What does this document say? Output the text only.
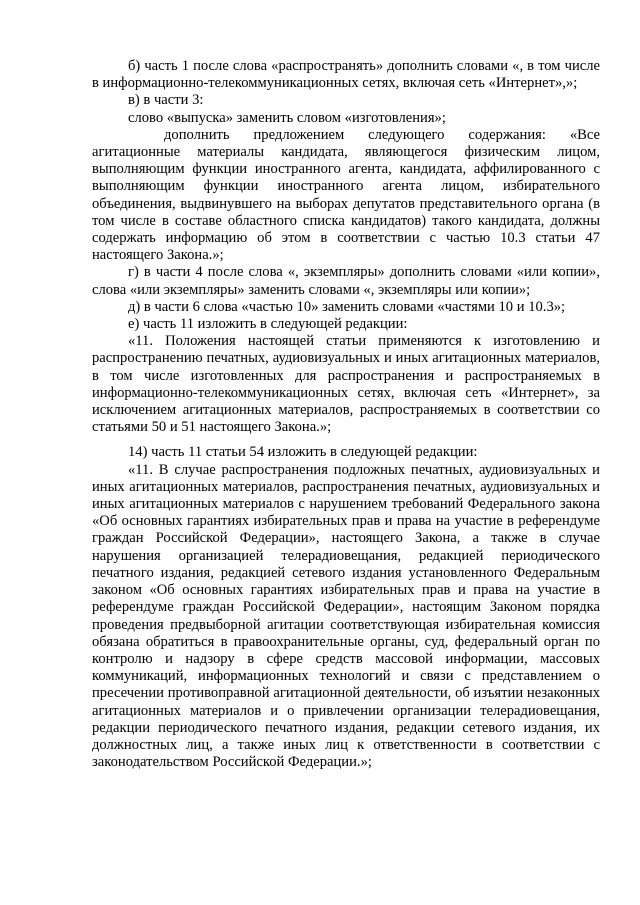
б) часть 1 после слова «распространять» дополнить словами «, в том числе в информационно-телекоммуникационных сетях, включая сеть «Интернет»,»;

в) в части 3:

слово «выпуска» заменить словом «изготовления»;

дополнить предложением следующего содержания: «Все агитационные материалы кандидата, являющегося физическим лицом, выполняющим функции иностранного агента, кандидата, аффилированного с выполняющим функции иностранного агента лицом, избирательного объединения, выдвинувшего на выборах депутатов представительного органа (в том числе в составе областного списка кандидатов) такого кандидата, должны содержать информацию об этом в соответствии с частью 10.3 статьи 47 настоящего Закона.»;

г) в части 4 после слова «, экземпляры» дополнить словами «или копии», слова «или экземпляры» заменить словами «, экземпляры или копии»;

д) в части 6 слова «частью 10» заменить словами «частями 10 и 10.3»;

е) часть 11 изложить в следующей редакции:

«11. Положения настоящей статьи применяются к изготовлению и распространению печатных, аудиовизуальных и иных агитационных материалов, в том числе изготовленных для распространения и распространяемых в информационно-телекоммуникационных сетях, включая сеть «Интернет», за исключением агитационных материалов, распространяемых в соответствии со статьями 50 и 51 настоящего Закона.»;

14) часть 11 статьи 54 изложить в следующей редакции:

«11. В случае распространения подложных печатных, аудиовизуальных и иных агитационных материалов, распространения печатных, аудиовизуальных и иных агитационных материалов с нарушением требований Федерального закона «Об основных гарантиях избирательных прав и права на участие в референдуме граждан Российской Федерации», настоящего Закона, а также в случае нарушения организацией телерадиовещания, редакцией периодического печатного издания, редакцией сетевого издания установленного Федеральным законом «Об основных гарантиях избирательных прав и права на участие в референдуме граждан Российской Федерации», настоящим Законом порядка проведения предвыборной агитации соответствующая избирательная комиссия обязана обратиться в правоохранительные органы, суд, федеральный орган по контролю и надзору в сфере средств массовой информации, массовых коммуникаций, информационных технологий и связи с представлением о пресечении противоправной агитационной деятельности, об изъятии незаконных агитационных материалов и о привлечении организации телерадиовещания, редакции периодического печатного издания, редакции сетевого издания, их должностных лиц, а также иных лиц к ответственности в соответствии с законодательством Российской Федерации.»;
